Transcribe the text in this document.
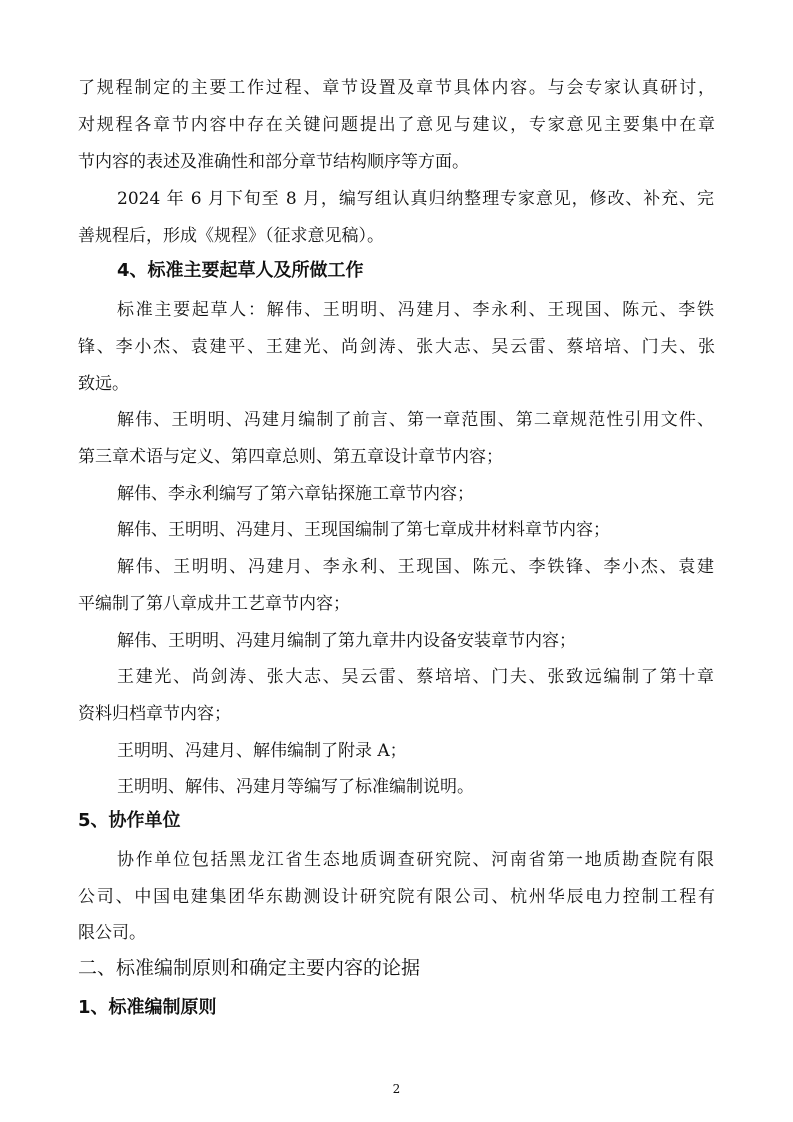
了规程制定的主要工作过程、章节设置及章节具体内容。与会专家认真研讨，
对规程各章节内容中存在关键问题提出了意见与建议，专家意见主要集中在章
节内容的表述及准确性和部分章节结构顺序等方面。
2024 年 6 月下旬至 8 月，编写组认真归纳整理专家意见，修改、补充、完
善规程后，形成《规程》（征求意见稿）。
4、标准主要起草人及所做工作
标准主要起草人：解伟、王明明、冯建月、李永利、王现国、陈元、李铁
锋、李小杰、袁建平、王建光、尚剑涛、张大志、吴云雷、蔡培培、门夫、张
致远。
解伟、王明明、冯建月编制了前言、第一章范围、第二章规范性引用文件、
第三章术语与定义、第四章总则、第五章设计章节内容；
解伟、李永利编写了第六章钻探施工章节内容；
解伟、王明明、冯建月、王现国编制了第七章成井材料章节内容；
解伟、王明明、冯建月、李永利、王现国、陈元、李铁锋、李小杰、袁建
平编制了第八章成井工艺章节内容；
解伟、王明明、冯建月编制了第九章井内设备安装章节内容；
王建光、尚剑涛、张大志、吴云雷、蔡培培、门夫、张致远编制了第十章
资料归档章节内容；
王明明、冯建月、解伟编制了附录 A；
王明明、解伟、冯建月等编写了标准编制说明。
5、协作单位
协作单位包括黑龙江省生态地质调查研究院、河南省第一地质勘查院有限
公司、中国电建集团华东勘测设计研究院有限公司、杭州华辰电力控制工程有
限公司。
二、标准编制原则和确定主要内容的论据
1、标准编制原则
2
